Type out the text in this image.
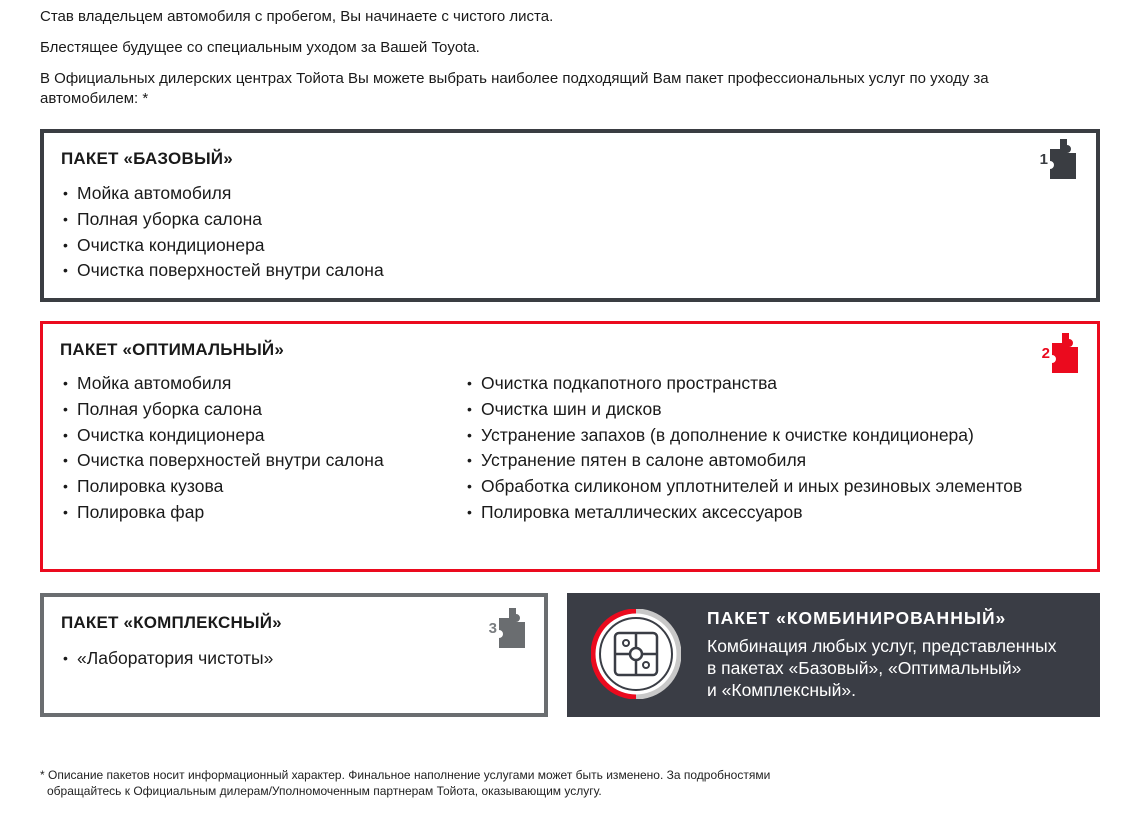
Став владельцем автомобиля с пробегом, Вы начинаете с чистого листа.
Блестящее будущее со специальным уходом за Вашей Toyota.
В Официальных дилерских центрах Тойота Вы можете выбрать наиболее подходящий Вам пакет профессиональных услуг по уходу за автомобилем: *
ПАКЕТ «БАЗОВЫЙ»	1
• Мойка автомобиля
• Полная уборка салона
• Очистка кондиционера
• Очистка поверхностей внутри салона
ПАКЕТ «ОПТИМАЛЬНЫЙ»	2
• Мойка автомобиля
• Полная уборка салона
• Очистка кондиционера
• Очистка поверхностей внутри салона
• Полировка кузова
• Полировка фар
• Очистка подкапотного пространства
• Очистка шин и дисков
• Устранение запахов (в дополнение к очистке кондиционера)
• Устранение пятен в салоне автомобиля
• Обработка силиконом уплотнителей и иных резиновых элементов
• Полировка металлических аксессуаров
ПАКЕТ «КОМПЛЕКСНЫЙ»	3
• «Лаборатория чистоты»
ПАКЕТ «КОМБИНИРОВАННЫЙ»
Комбинация любых услуг, представленных
в пакетах «Базовый», «Оптимальный»
и «Комплексный».
* Описание пакетов носит информационный характер. Финальное наполнение услугами может быть изменено. За подробностями
обращайтесь к Официальным дилерам/Уполномоченным партнерам Тойота, оказывающим услугу.
